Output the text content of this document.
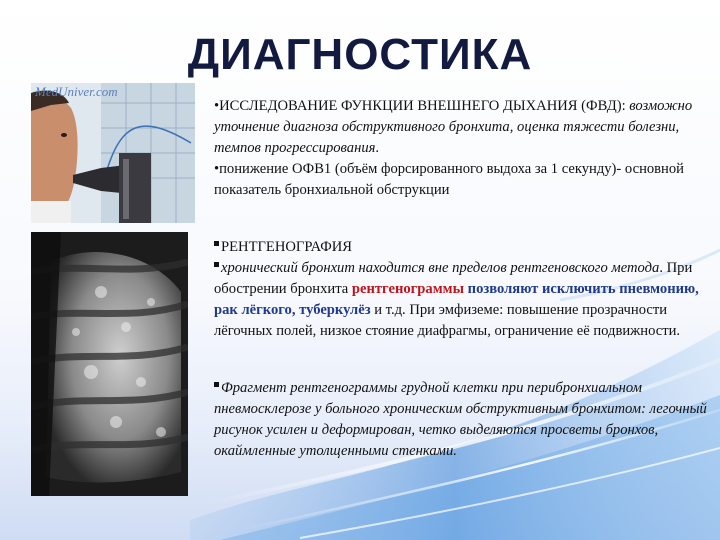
ДИАГНОСТИКА
MedUniver.com

•ИССЛЕДОВАНИЕ ФУНКЦИИ ВНЕШНЕГО ДЫХАНИЯ (ФВД): возможно уточнение диагноза обструктивного бронхита, оценка тяжести болезни, темпов прогрессирования.

•понижение ОФВ1 (объём форсированного выдоха за 1 секунду)- основной показатель бронхиальной обструкции

РЕНТГЕНОГРАФИЯ

хронический бронхит находится вне пределов рентгеновского метода. При обострении бронхита рентгенограммы позволяют исключить пневмонию, рак лёгкого, туберкулёз и т.д. При эмфиземе: повышение прозрачности лёгочных полей, низкое стояние диафрагмы, ограничение её подвижности.

Фрагмент рентгенограммы грудной клетки при перибронхиальном пневмосклерозе у больного хроническим обструктивным бронхитом: легочный рисунок усилен и деформирован, четко выделяются просветы бронхов, окаймленные утолщенными стенками.
